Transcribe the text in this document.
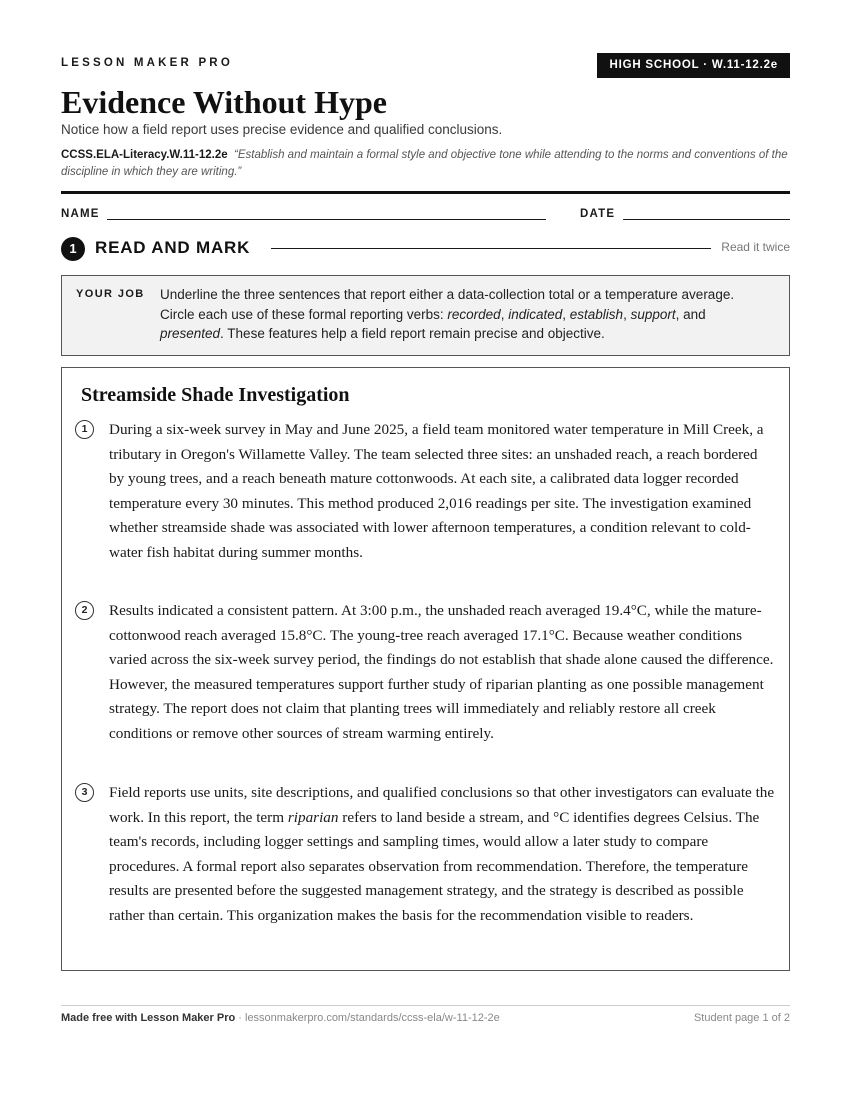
LESSON MAKER PRO	HIGH SCHOOL · W.11-12.2e
Evidence Without Hype
Notice how a field report uses precise evidence and qualified conclusions.
CCSS.ELA-Literacy.W.11-12.2e “Establish and maintain a formal style and objective tone while attending to the norms and conventions of the discipline in which they are writing.”
NAME	DATE
1	READ AND MARK	Read it twice
YOUR JOB Underline the three sentences that report either a data-collection total or a temperature average. Circle each use of these formal reporting verbs: recorded, indicated, establish, support, and presented. These features help a field report remain precise and objective.
Streamside Shade Investigation
1	During a six-week survey in May and June 2025, a field team monitored water temperature in Mill Creek, a tributary in Oregon's Willamette Valley. The team selected three sites: an unshaded reach, a reach bordered by young trees, and a reach beneath mature cottonwoods. At each site, a calibrated data logger recorded temperature every 30 minutes. This method produced 2,016 readings per site. The investigation examined whether streamside shade was associated with lower afternoon temperatures, a condition relevant to cold-water fish habitat during summer months.
2	Results indicated a consistent pattern. At 3:00 p.m., the unshaded reach averaged 19.4°C, while the mature-cottonwood reach averaged 15.8°C. The young-tree reach averaged 17.1°C. Because weather conditions varied across the six-week survey period, the findings do not establish that shade alone caused the difference. However, the measured temperatures support further study of riparian planting as one possible management strategy. The report does not claim that planting trees will immediately and reliably restore all creek conditions or remove other sources of stream warming entirely.
3	Field reports use units, site descriptions, and qualified conclusions so that other investigators can evaluate the work. In this report, the term riparian refers to land beside a stream, and °C identifies degrees Celsius. The team's records, including logger settings and sampling times, would allow a later study to compare procedures. A formal report also separates observation from recommendation. Therefore, the temperature results are presented before the suggested management strategy, and the strategy is described as possible rather than certain. This organization makes the basis for the recommendation visible to readers.
Made free with Lesson Maker Pro · lessonmakerpro.com/standards/ccss-ela/w-11-12-2e	Student page 1 of 2
